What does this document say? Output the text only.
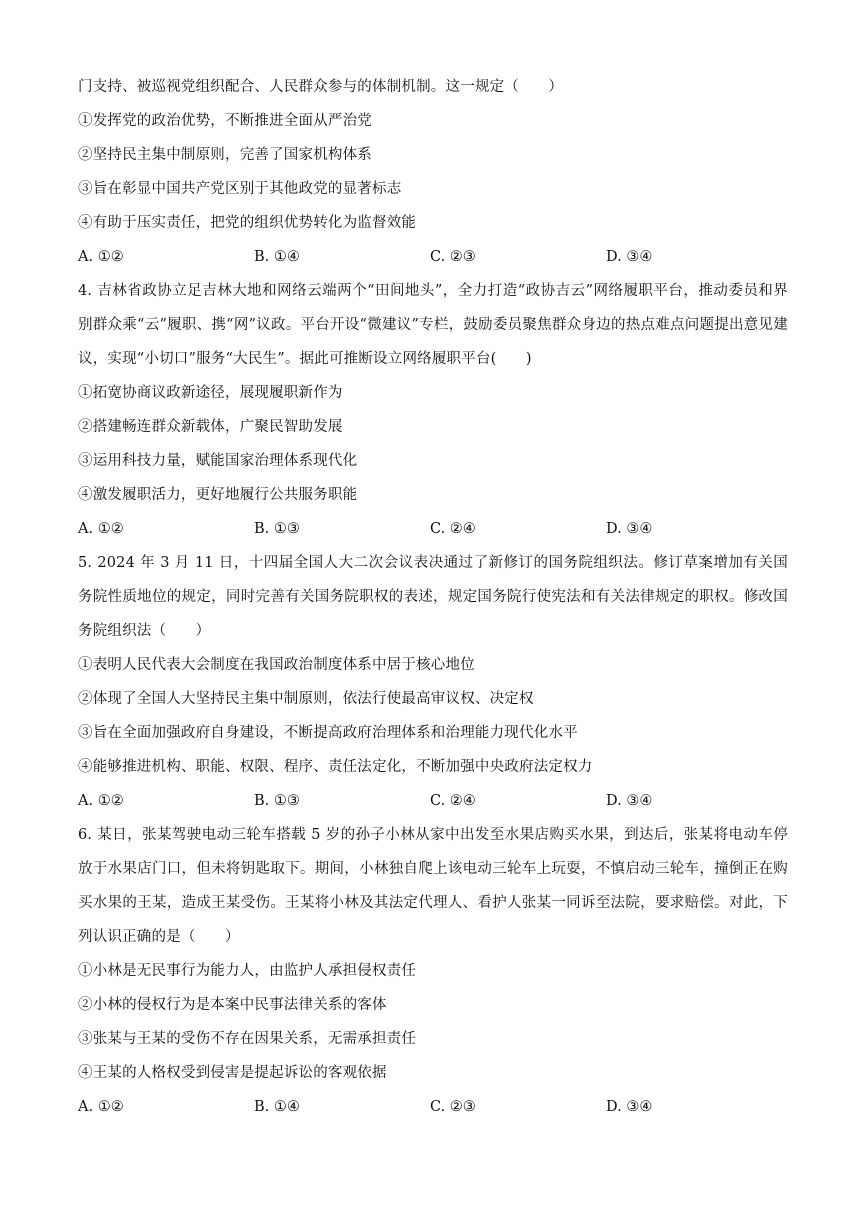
门支持、被巡视党组织配合、人民群众参与的体制机制。这一规定（　　）
①发挥党的政治优势，不断推进全面从严治党
②坚持民主集中制原则，完善了国家机构体系
③旨在彰显中国共产党区别于其他政党的显著标志
④有助于压实责任，把党的组织优势转化为监督效能
A. ①②	B. ①④	C. ②③	D. ③④
4. 吉林省政协立足吉林大地和网络云端两个“田间地头”，全力打造“政协吉云”网络履职平台，推动委员和界别群众乘“云”履职、携“网”议政。平台开设“微建议”专栏，鼓励委员聚焦群众身边的热点难点问题提出意见建议，实现“小切口”服务“大民生”。据此可推断设立网络履职平台(　　)
①拓宽协商议政新途径，展现履职新作为
②搭建畅连群众新载体，广聚民智助发展
③运用科技力量，赋能国家治理体系现代化
④激发履职活力，更好地履行公共服务职能
A. ①②	B. ①③	C. ②④	D. ③④
5. 2024 年 3 月 11 日，十四届全国人大二次会议表决通过了新修订的国务院组织法。修订草案增加有关国务院性质地位的规定，同时完善有关国务院职权的表述，规定国务院行使宪法和有关法律规定的职权。修改国务院组织法（　　）
①表明人民代表大会制度在我国政治制度体系中居于核心地位
②体现了全国人大坚持民主集中制原则，依法行使最高审议权、决定权
③旨在全面加强政府自身建设，不断提高政府治理体系和治理能力现代化水平
④能够推进机构、职能、权限、程序、责任法定化，不断加强中央政府法定权力
A. ①②	B. ①③	C. ②④	D. ③④
6. 某日，张某驾驶电动三轮车搭载 5 岁的孙子小林从家中出发至水果店购买水果，到达后，张某将电动车停放于水果店门口，但未将钥匙取下。期间，小林独自爬上该电动三轮车上玩耍，不慎启动三轮车，撞倒正在购买水果的王某，造成王某受伤。王某将小林及其法定代理人、看护人张某一同诉至法院，要求赔偿。对此，下列认识正确的是（　　）
①小林是无民事行为能力人，由监护人承担侵权责任
②小林的侵权行为是本案中民事法律关系的客体
③张某与王某的受伤不存在因果关系，无需承担责任
④王某的人格权受到侵害是提起诉讼的客观依据
A. ①②	B. ①④	C. ②③	D. ③④
